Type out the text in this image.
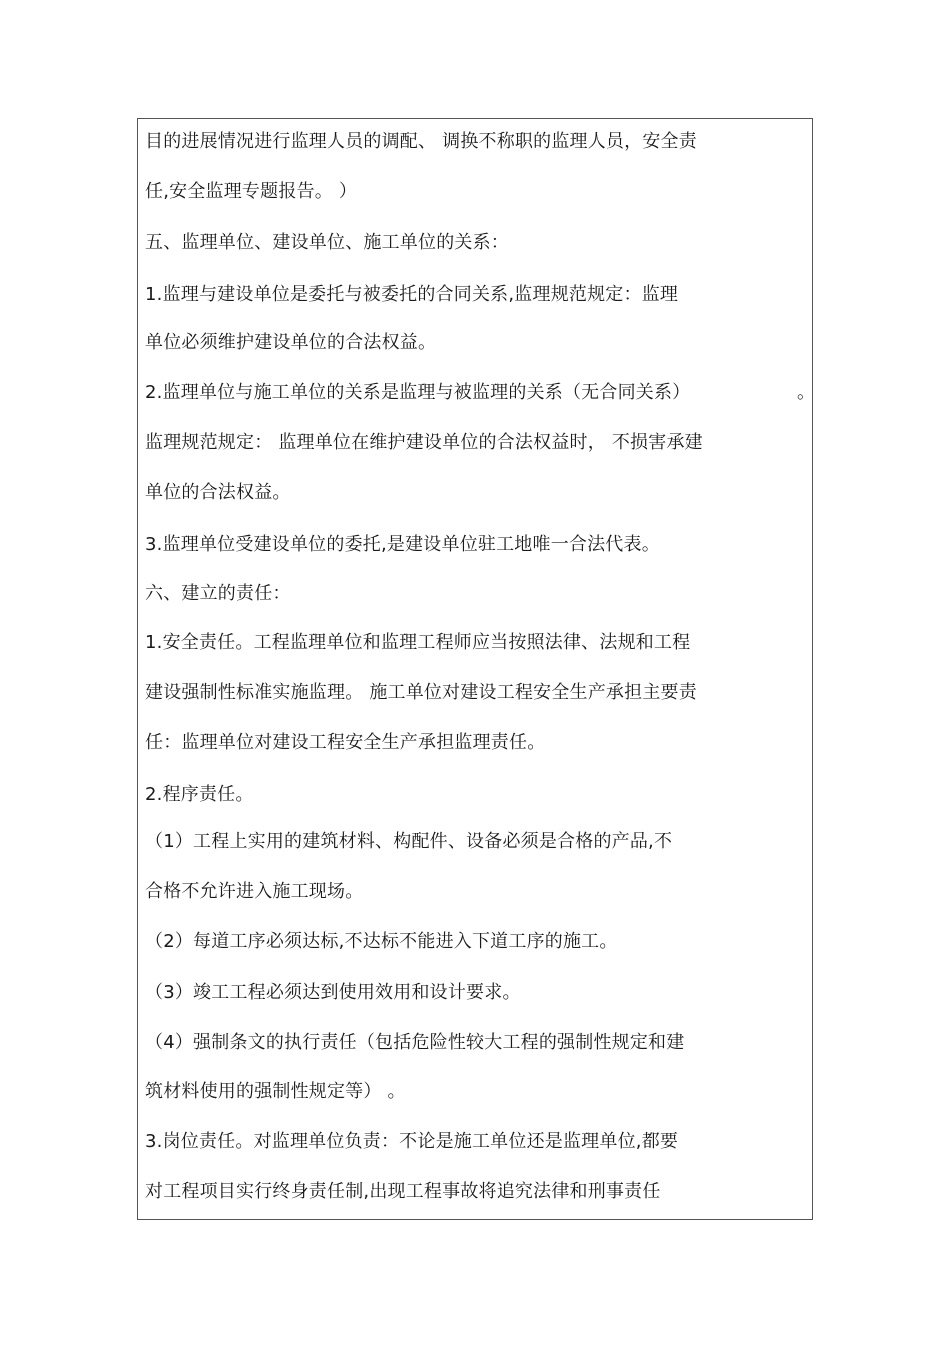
目的进展情况进行监理人员的调配、 调换不称职的监理人员，安全责

任,安全监理专题报告。 ）

五、监理单位、建设单位、施工单位的关系：

1.监理与建设单位是委托与被委托的合同关系,监理规范规定：监理

单位必须维护建设单位的合法权益。

2.监理单位与施工单位的关系是监理与被监理的关系（无合同关系）	。

监理规范规定： 监理单位在维护建设单位的合法权益时， 不损害承建

单位的合法权益。

3.监理单位受建设单位的委托,是建设单位驻工地唯一合法代表。

六、建立的责任：

1.安全责任。工程监理单位和监理工程师应当按照法律、法规和工程

建设强制性标准实施监理。 施工单位对建设工程安全生产承担主要责

任：监理单位对建设工程安全生产承担监理责任。

2.程序责任。

（1）工程上实用的建筑材料、构配件、设备必须是合格的产品,不

合格不允许进入施工现场。

（2）每道工序必须达标,不达标不能进入下道工序的施工。

（3）竣工工程必须达到使用效用和设计要求。

（4）强制条文的执行责任（包括危险性较大工程的强制性规定和建

筑材料使用的强制性规定等） 。

3.岗位责任。对监理单位负责：不论是施工单位还是监理单位,都要

对工程项目实行终身责任制,出现工程事故将追究法律和刑事责任
